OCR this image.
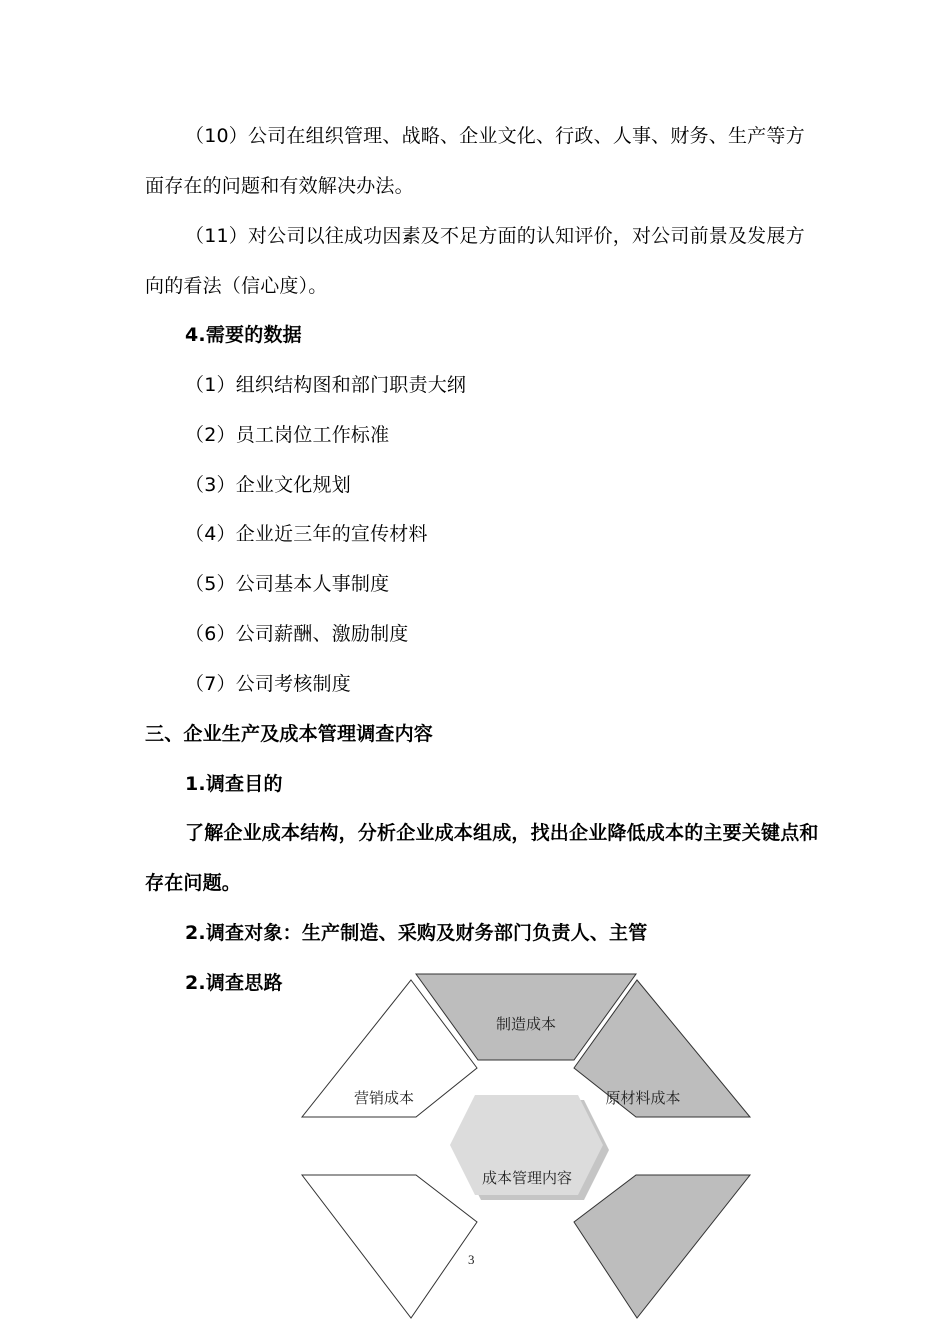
（10）公司在组织管理、战略、企业文化、行政、人事、财务、生产等方
面存在的问题和有效解决办法。
（11）对公司以往成功因素及不足方面的认知评价，对公司前景及发展方
向的看法（信心度）。
4.需要的数据
（1）组织结构图和部门职责大纲
（2）员工岗位工作标准
（3）企业文化规划
（4）企业近三年的宣传材料
（5）公司基本人事制度
（6）公司薪酬、激励制度
（7）公司考核制度
三、企业生产及成本管理调查内容
1.调查目的
了解企业成本结构，分析企业成本组成，找出企业降低成本的主要关键点和
存在问题。
2.调查对象：生产制造、采购及财务部门负责人、主管
2.调查思路
制造成本
原材料成本
营销成本
成本管理内容
3
